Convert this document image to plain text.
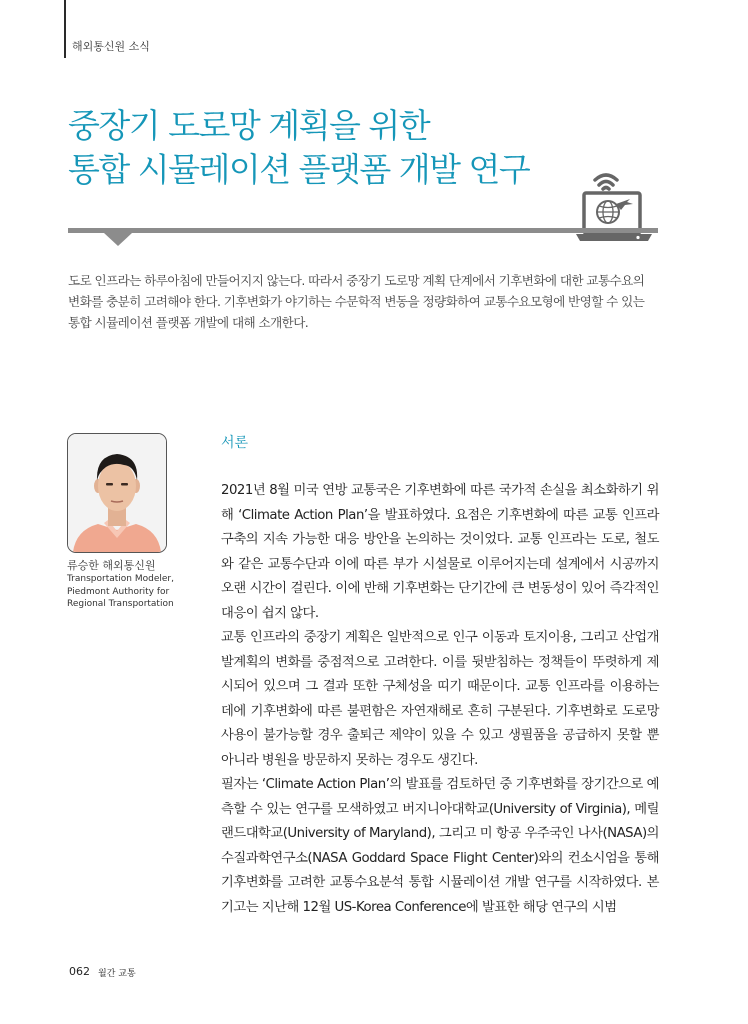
해외통신원 소식
중장기 도로망 계획을 위한
통합 시뮬레이션 플랫폼 개발 연구

도로 인프라는 하루아침에 만들어지지 않는다. 따라서 중장기 도로망 계획 단계에서 기후변화에 대한 교통수요의 변화를 충분히 고려해야 한다. 기후변화가 야기하는 수문학적 변동을 정량화하여 교통수요모형에 반영할 수 있는 통합 시뮬레이션 플랫폼 개발에 대해 소개한다.

류승한 해외통신원
Transportation Modeler,
Piedmont Authority for
Regional Transportation
서론

2021년 8월 미국 연방 교통국은 기후변화에 따른 국가적 손실을 최소화하기 위해 ‘Climate Action Plan’을 발표하였다. 요점은 기후변화에 따른 교통 인프라 구축의 지속 가능한 대응 방안을 논의하는 것이었다. 교통 인프라는 도로, 철도와 같은 교통수단과 이에 따른 부가 시설물로 이루어지는데 설계에서 시공까지 오랜 시간이 걸린다. 이에 반해 기후변화는 단기간에 큰 변동성이 있어 즉각적인 대응이 쉽지 않다.

교통 인프라의 중장기 계획은 일반적으로 인구 이동과 토지이용, 그리고 산업개발계획의 변화를 중점적으로 고려한다. 이를 뒷받침하는 정책들이 뚜렷하게 제시되어 있으며 그 결과 또한 구체성을 띠기 때문이다. 교통 인프라를 이용하는 데에 기후변화에 따른 불편함은 자연재해로 흔히 구분된다. 기후변화로 도로망 사용이 불가능할 경우 출퇴근 제약이 있을 수 있고 생필품을 공급하지 못할 뿐 아니라 병원을 방문하지 못하는 경우도 생긴다.

필자는 ‘Climate Action Plan’의 발표를 검토하던 중 기후변화를 장기간으로 예측할 수 있는 연구를 모색하였고 버지니아대학교(University of Virginia), 메릴랜드대학교(University of Maryland), 그리고 미 항공 우주국인 나사(NASA)의 수질과학연구소(NASA Goddard Space Flight Center)와의 컨소시엄을 통해 기후변화를 고려한 교통수요분석 통합 시뮬레이션 개발 연구를 시작하였다. 본 기고는 지난해 12월 US-Korea Conference에 발표한 해당 연구의 시범

062 월간 교통
